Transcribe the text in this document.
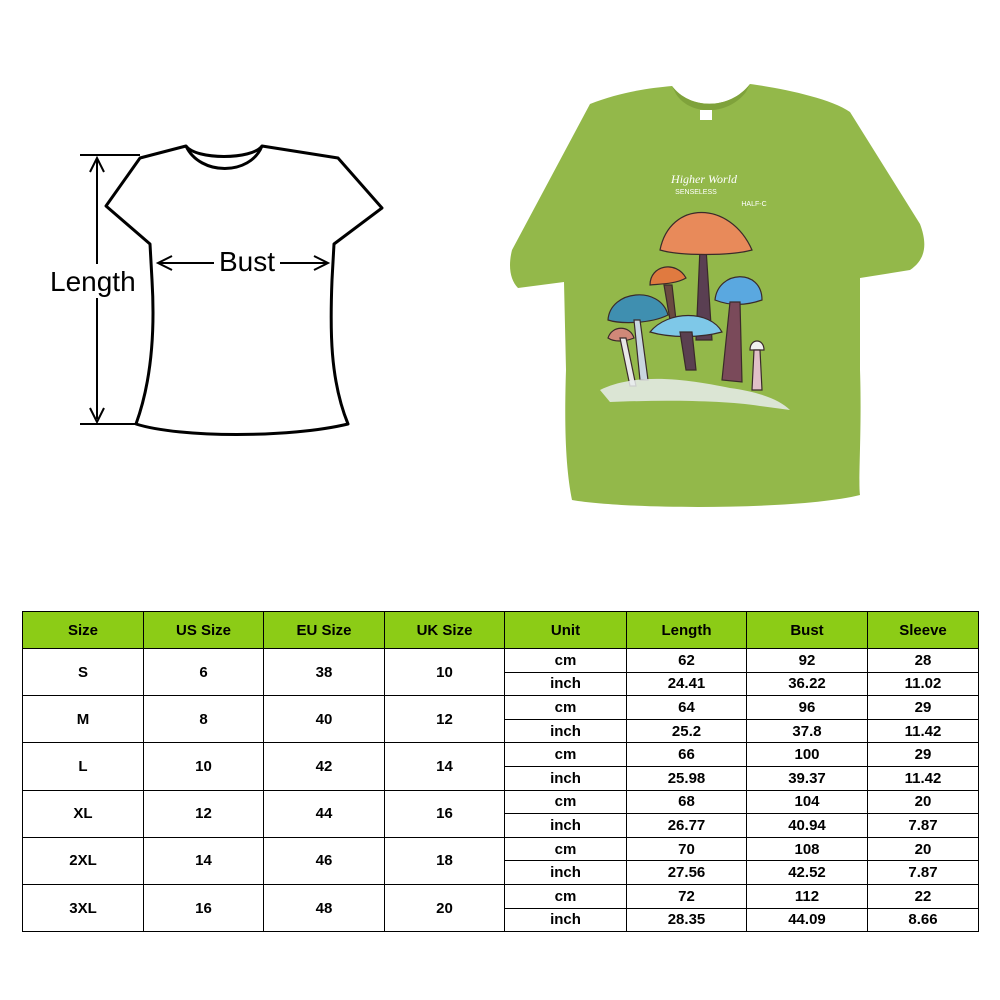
Length
Bust
Higher World
SENSELESS
HALF-C
Size	US Size	EU Size	UK Size	Unit	Length	Bust	Sleeve
S	6	38	10	cm	62	92	28
				inch	24.41	36.22	11.02
M	8	40	12	cm	64	96	29
				inch	25.2	37.8	11.42
L	10	42	14	cm	66	100	29
				inch	25.98	39.37	11.42
XL	12	44	16	cm	68	104	20
				inch	26.77	40.94	7.87
2XL	14	46	18	cm	70	108	20
				inch	27.56	42.52	7.87
3XL	16	48	20	cm	72	112	22
				inch	28.35	44.09	8.66
